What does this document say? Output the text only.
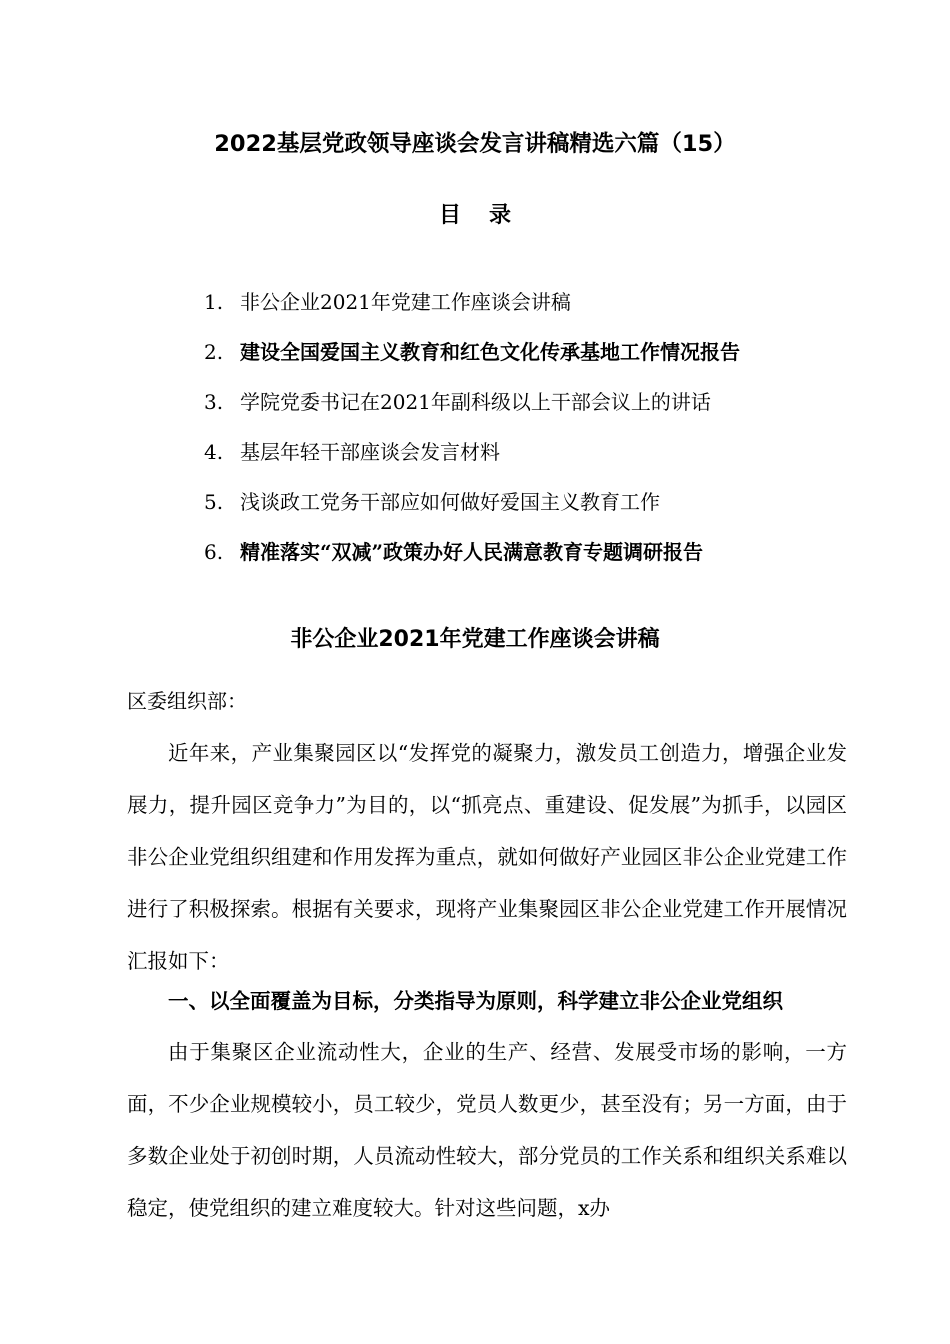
2022基层党政领导座谈会发言讲稿精选六篇（15）
目录
1. 非公企业2021年党建工作座谈会讲稿
2. 建设全国爱国主义教育和红色文化传承基地工作情况报告
3. 学院党委书记在2021年副科级以上干部会议上的讲话
4. 基层年轻干部座谈会发言材料
5. 浅谈政工党务干部应如何做好爱国主义教育工作
6. 精准落实“双减”政策办好人民满意教育专题调研报告
非公企业2021年党建工作座谈会讲稿
区委组织部：

近年来，产业集聚园区以“发挥党的凝聚力，激发员工创造力，增强企业发展力，提升园区竞争力”为目的，以“抓亮点、重建设、促发展”为抓手，以园区非公企业党组织组建和作用发挥为重点，就如何做好产业园区非公企业党建工作进行了积极探索。根据有关要求，现将产业集聚园区非公企业党建工作开展情况汇报如下：

一、以全面覆盖为目标，分类指导为原则，科学建立非公企业党组织

由于集聚区企业流动性大，企业的生产、经营、发展受市场的影响，一方面，不少企业规模较小，员工较少，党员人数更少，甚至没有；另一方面，由于多数企业处于初创时期，人员流动性较大，部分党员的工作关系和组织关系难以稳定，使党组织的建立难度较大。针对这些问题，x办
